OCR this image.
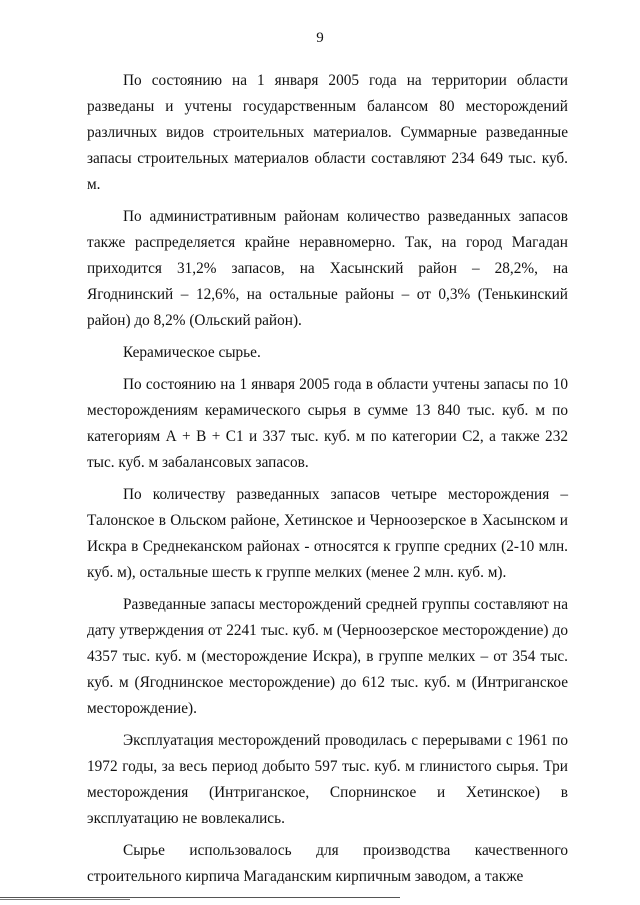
9

По состоянию на 1 января 2005 года на территории области разведаны и учтены государственным балансом 80 месторождений различных видов строительных материалов. Суммарные разведанные запасы строительных материалов области составляют 234 649 тыс. куб. м.

По административным районам количество разведанных запасов также распределяется крайне неравномерно. Так, на город Магадан приходится 31,2% запасов, на Хасынский район – 28,2%, на Ягоднинский – 12,6%, на остальные районы – от 0,3% (Тенькинский район) до 8,2% (Ольский район).

Керамическое сырье.

По состоянию на 1 января 2005 года в области учтены запасы по 10 месторождениям керамического сырья в сумме 13 840 тыс. куб. м по категориям А + В + С1 и 337 тыс. куб. м по категории С2, а также 232 тыс. куб. м забалансовых запасов.

По количеству разведанных запасов четыре месторождения – Талонское в Ольском районе, Хетинское и Черноозерское в Хасынском и Искра в Среднеканском районах - относятся к группе средних (2-10 млн. куб. м), остальные шесть к группе мелких (менее 2 млн. куб. м).

Разведанные запасы месторождений средней группы составляют на дату утверждения от 2241 тыс. куб. м (Черноозерское месторождение) до 4357 тыс. куб. м (месторождение Искра), в группе мелких – от 354 тыс. куб. м (Ягоднинское месторождение) до 612 тыс. куб. м (Интриганское месторождение).

Эксплуатация месторождений проводилась с перерывами с 1961 по 1972 годы, за весь период добыто 597 тыс. куб. м глинистого сырья. Три месторождения (Интриганское, Спорнинское и Хетинское) в эксплуатацию не вовлекались.

Сырье использовалось для производства качественного строительного кирпича Магаданским кирпичным заводом, а также
